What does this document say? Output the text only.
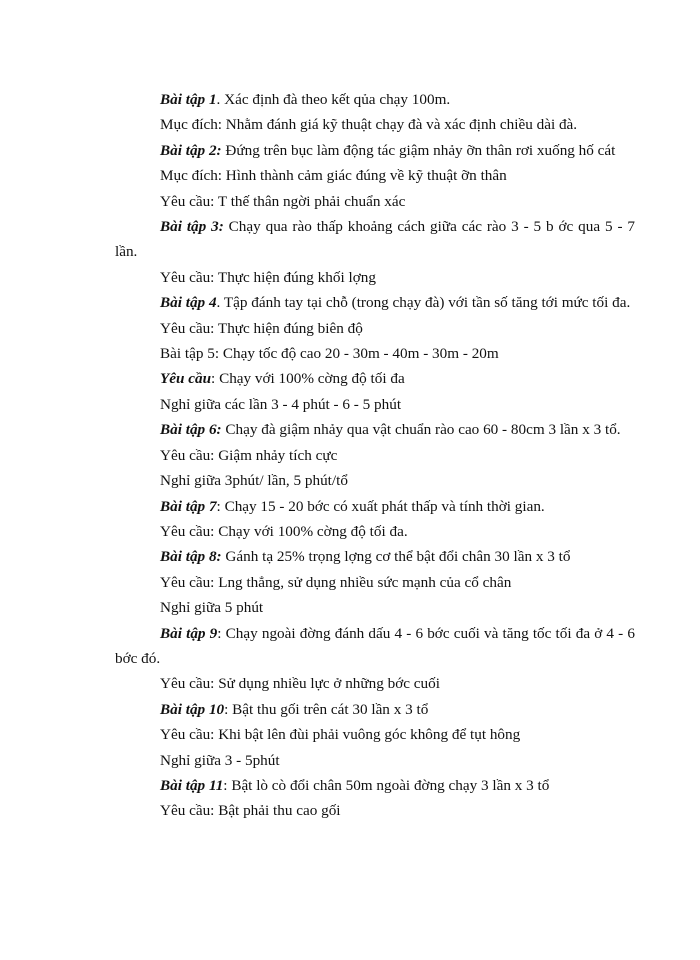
Bài tập 1. Xác định đà theo kết qủa chạy 100m.

Mục đích: Nhằm đánh giá kỹ thuật chạy đà và xác định chiều dài đà.

Bài tập 2: Đứng trên bục làm động tác giậm nhảy ỡn thân rơi xuống hố cát

Mục đích: Hình thành cảm giác đúng về kỹ thuật ỡn thân

Yêu cầu: T thế thân ngời phải chuẩn xác

Bài tập 3: Chạy qua rào thấp khoảng cách giữa các rào 3 - 5 b ớc qua 5 - 7 lần.

Yêu cầu: Thực hiện đúng khối lợng

Bài tập 4. Tập đánh tay tại chỗ (trong chạy đà) với tần số tăng tới mức tối đa.

Yêu cầu: Thực hiện đúng biên độ

Bài tập 5: Chạy tốc độ cao 20 - 30m - 40m - 30m - 20m

Yêu cầu: Chạy với 100% cờng độ tối đa

Nghỉ giữa các lần 3 - 4 phút - 6 - 5 phút

Bài tập 6: Chạy đà giậm nhảy qua vật chuẩn rào cao 60 - 80cm 3 lần x 3 tổ.

Yêu cầu: Giậm nhảy tích cực

Nghỉ giữa 3phút/ lần, 5 phút/tổ

Bài tập 7: Chạy 15 - 20 bớc có xuất phát thấp và tính thời gian.

Yêu cầu: Chạy với 100% cờng độ tối đa.

Bài tập 8: Gánh tạ 25% trọng lợng cơ thể bật đổi chân 30 lần x 3 tổ

Yêu cầu: Lng thẳng, sử dụng nhiều sức mạnh của cổ chân

Nghỉ giữa 5 phút

Bài tập 9: Chạy ngoài đờng đánh dấu 4 - 6 bớc cuối và tăng tốc tối đa ở 4 - 6 bớc đó.

Yêu cầu: Sử dụng nhiều lực ở những bớc cuối

Bài tập 10: Bật thu gối trên cát 30 lần x 3 tổ

Yêu cầu: Khi bật lên đùi phải vuông góc không để tụt hông

Nghỉ giữa 3 - 5phút

Bài tập 11: Bật lò cò đổi chân 50m ngoài đờng chạy 3 lần x 3 tổ

Yêu cầu: Bật phải thu cao gối
